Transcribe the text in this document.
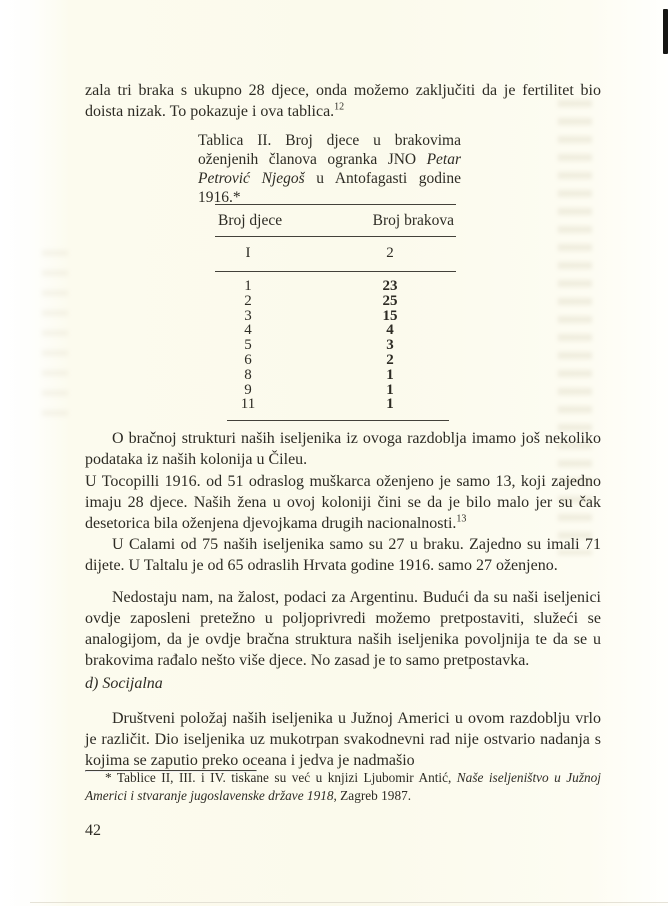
zala tri braka s ukupno 28 djece, onda možemo zaključiti da je fertilitet bio doista nizak. To pokazuje i ova tablica.$^{12}$

Tablica II. Broj djece u brakovima oženjenih članova ogranka JNO Petar Petrović Njegoš u Antofagasti godine 1916.*
Broj djece	Broj brakova
I	2
1	23
2	25
3	15
4	4
5	3
6	2
8	1
9	1
11	1

O bračnoj strukturi naših iseljenika iz ovoga razdoblja imamo još nekoliko podataka iz naših kolonija u Čileu.

U Tocopilli 1916. od 51 odraslog muškarca oženjeno je samo 13, koji zajedno imaju 28 djece. Naših žena u ovoj koloniji čini se da je bilo malo jer su čak desetorica bila oženjena djevojkama drugih nacionalnosti.$^{13}$

U Calami od 75 naših iseljenika samo su 27 u braku. Zajedno su imali 71 dijete. U Taltalu je od 65 odraslih Hrvata godine 1916. samo 27 oženjeno.

Nedostaju nam, na žalost, podaci za Argentinu. Budući da su naši iseljenici ovdje zaposleni pretežno u poljoprivredi možemo pretpostaviti, služeći se analogijom, da je ovdje bračna struktura naših iseljenika povoljnija te da se u brakovima rađalo nešto više djece. No zasad je to samo pretpostavka.

d) Socijalna

Društveni položaj naših iseljenika u Južnoj Americi u ovom razdoblju vrlo je različit. Dio iseljenika uz mukotrpan svakodnevni rad nije ostvario nadanja s kojima se zaputio preko oceana i jedva je nadmašio

* Tablice II, III. i IV. tiskane su već u knjizi Ljubomir Antić, Naše iseljeništvo u Južnoj Americi i stvaranje jugoslavenske države 1918, Zagreb 1987.
42
